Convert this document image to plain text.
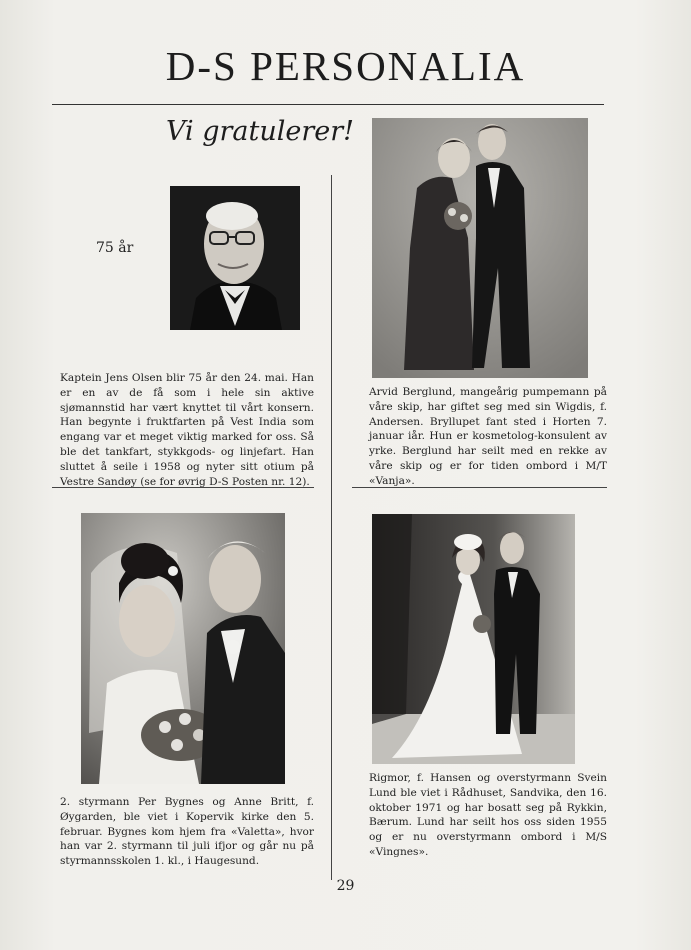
D-S PERSONALIA
Vi gratulerer!
75 år
Kaptein Jens Olsen blir 75 år den 24. mai. Han er en av de få som i hele sin aktive sjømannstid har vært knyttet til vårt konsern. Han begynte i fruktfarten på Vest India som engang var et meget viktig marked for oss. Så ble det tankfart, stykkgods- og linjefart. Han sluttet å seile i 1958 og nyter sitt otium på Vestre Sandøy (se for øvrig D-S Posten nr. 12).
Arvid Berglund, mangeårig pumpemann på våre skip, har giftet seg med sin Wigdis, f. Andersen. Bryllupet fant sted i Horten 7. januar iår. Hun er kosmetolog-konsulent av yrke. Berglund har seilt med en rekke av våre skip og er for tiden ombord i M/T «Vanja».
2. styrmann Per Bygnes og Anne Britt, f. Øygarden, ble viet i Kopervik kirke den 5. februar. Bygnes kom hjem fra «Valetta», hvor han var 2. styrmann til juli ifjor og går nu på styrmannsskolen 1. kl., i Haugesund.
Rigmor, f. Hansen og overstyrmann Svein Lund ble viet i Rådhuset, Sandvika, den 16. oktober 1971 og har bosatt seg på Rykkin, Bærum. Lund har seilt hos oss siden 1955 og er nu overstyrmann ombord i M/S «Vingnes».
29
